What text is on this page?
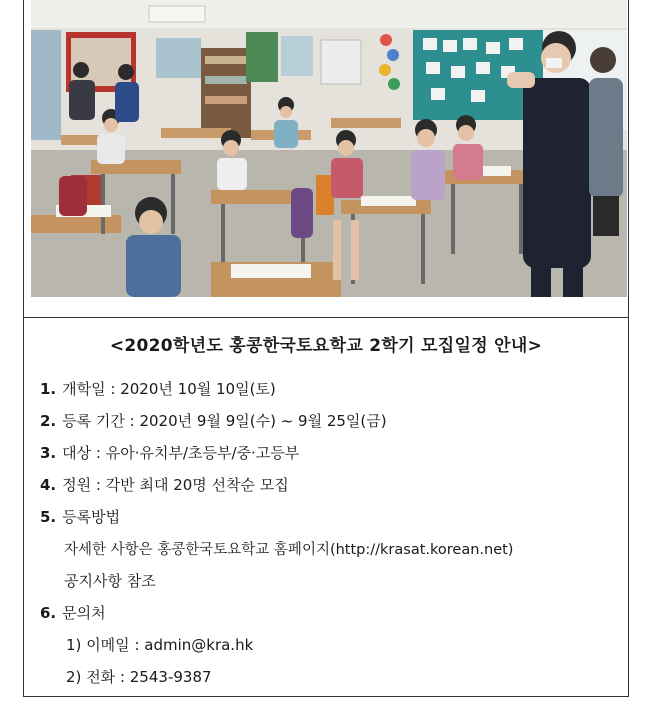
<2020학년도 홍콩한국토요학교 2학기 모집일정 안내>
1. 개학일 : 2020년 10월 10일(토)
2. 등록 기간 : 2020년 9월 9일(수) ~ 9월 25일(금)
3. 대상 : 유아·유치부/초등부/중·고등부
4. 정원 : 각반 최대 20명 선착순 모집
5. 등록방법
자세한 사항은 홍콩한국토요학교 홈페이지(http://krasat.korean.net)
공지사항 참조
6. 문의처
1) 이메일 : admin@kra.hk
2) 전화 : 2543-9387
